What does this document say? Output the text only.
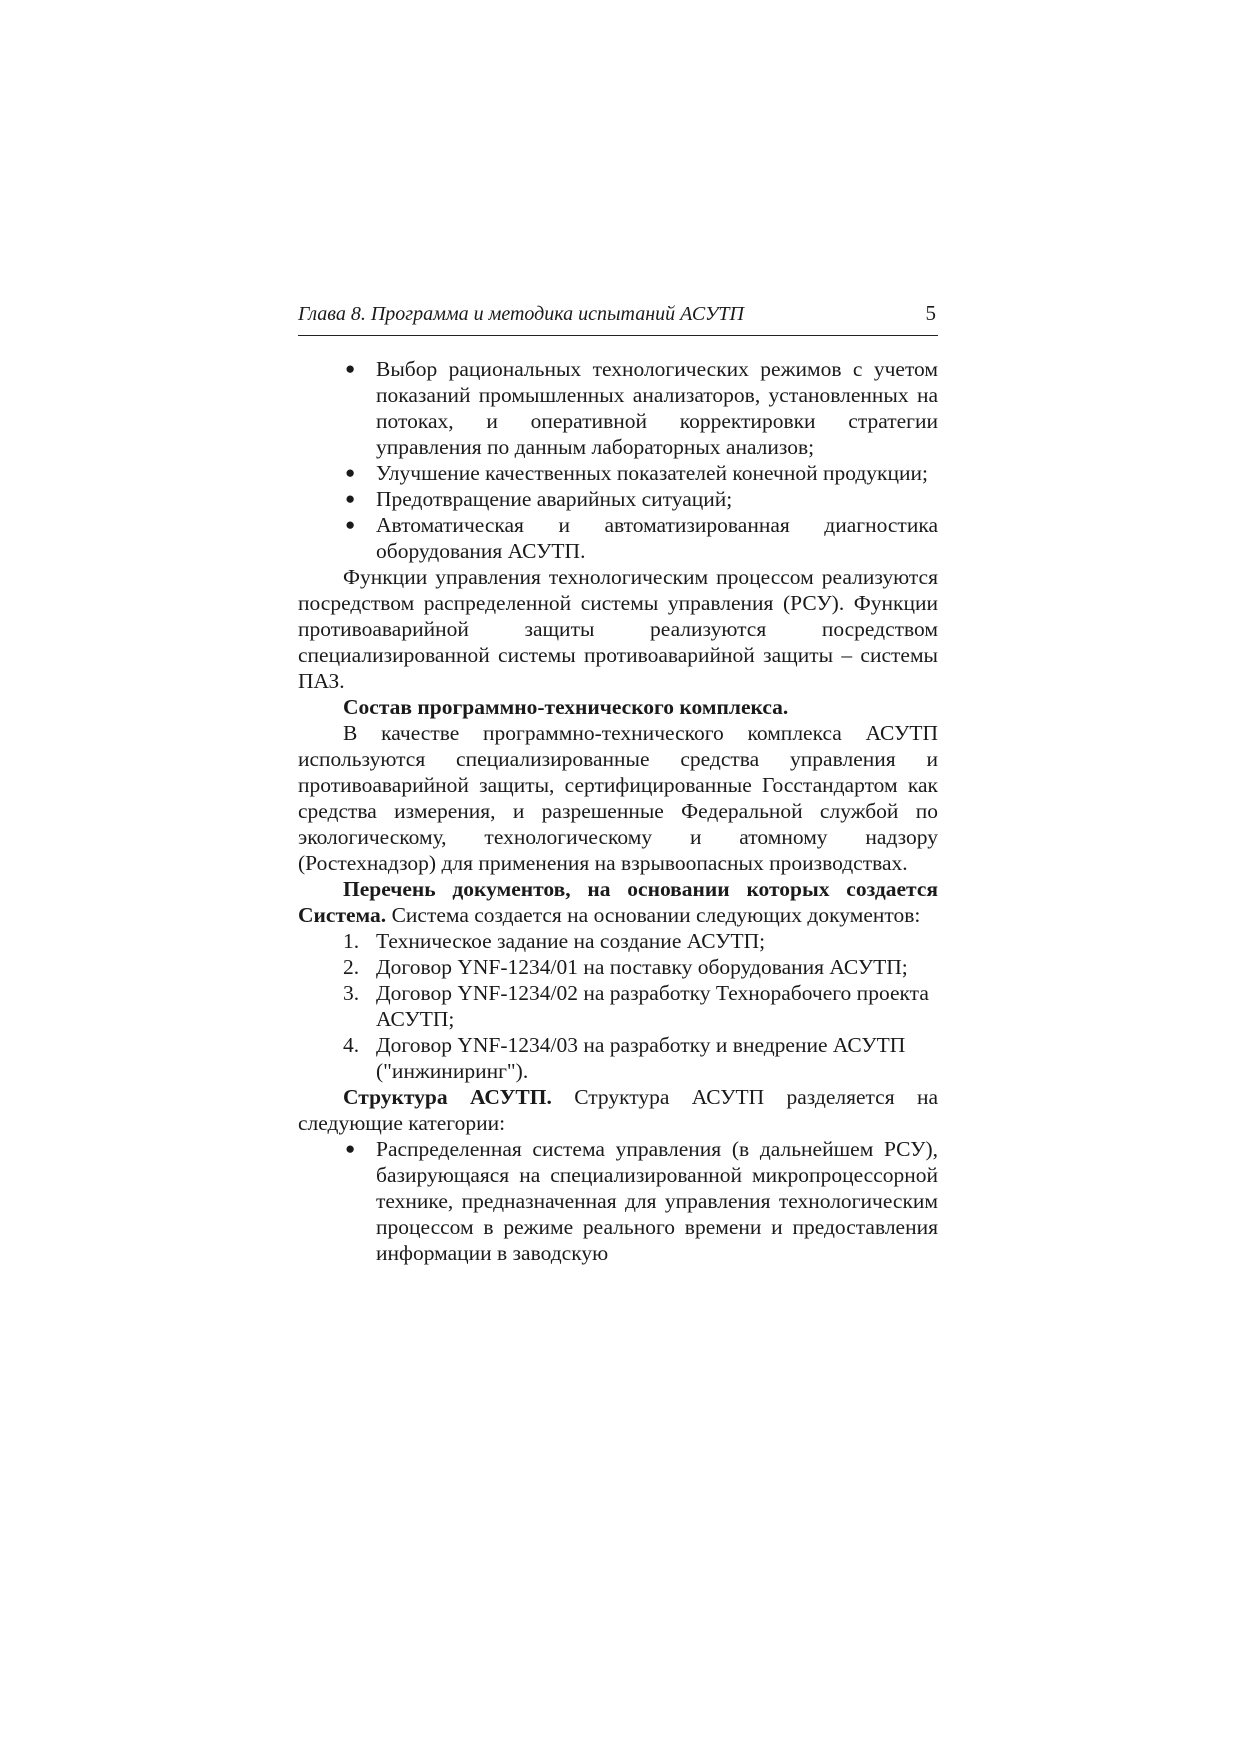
Глава 8. Программа и методика испытаний АСУТП	5
● Выбор рациональных технологических режимов с учетом показаний промышленных анализаторов, установленных на потоках, и оперативной корректировки стратегии управления по данным лабораторных анализов;
● Улучшение качественных показателей конечной продукции;
● Предотвращение аварийных ситуаций;
● Автоматическая и автоматизированная диагностика оборудования АСУТП.

Функции управления технологическим процессом реализуются посредством распределенной системы управления (РСУ). Функции противоаварийной защиты реализуются посредством специализированной системы противоаварийной защиты – системы ПАЗ.

Состав программно-технического комплекса.

В качестве программно-технического комплекса АСУТП используются специализированные средства управления и противоаварийной защиты, сертифицированные Госстандартом как средства измерения, и разрешенные Федеральной службой по экологическому, технологическому и атомному надзору (Ростехнадзор) для применения на взрывоопасных производствах.

Перечень документов, на основании которых создается Система. Система создается на основании следующих документов:

1. Техническое задание на создание АСУТП;
2. Договор YNF-1234/01 на поставку оборудования АСУТП;
3. Договор YNF-1234/02 на разработку Технорабочего проекта АСУТП;
4. Договор YNF-1234/03 на разработку и внедрение АСУТП ("инжиниринг").

Структура АСУТП. Структура АСУТП разделяется на следующие категории:

● Распределенная система управления (в дальнейшем РСУ), базирующаяся на специализированной микропроцессорной технике, предназначенная для управления технологическим процессом в режиме реального времени и предоставления информации в заводскую
